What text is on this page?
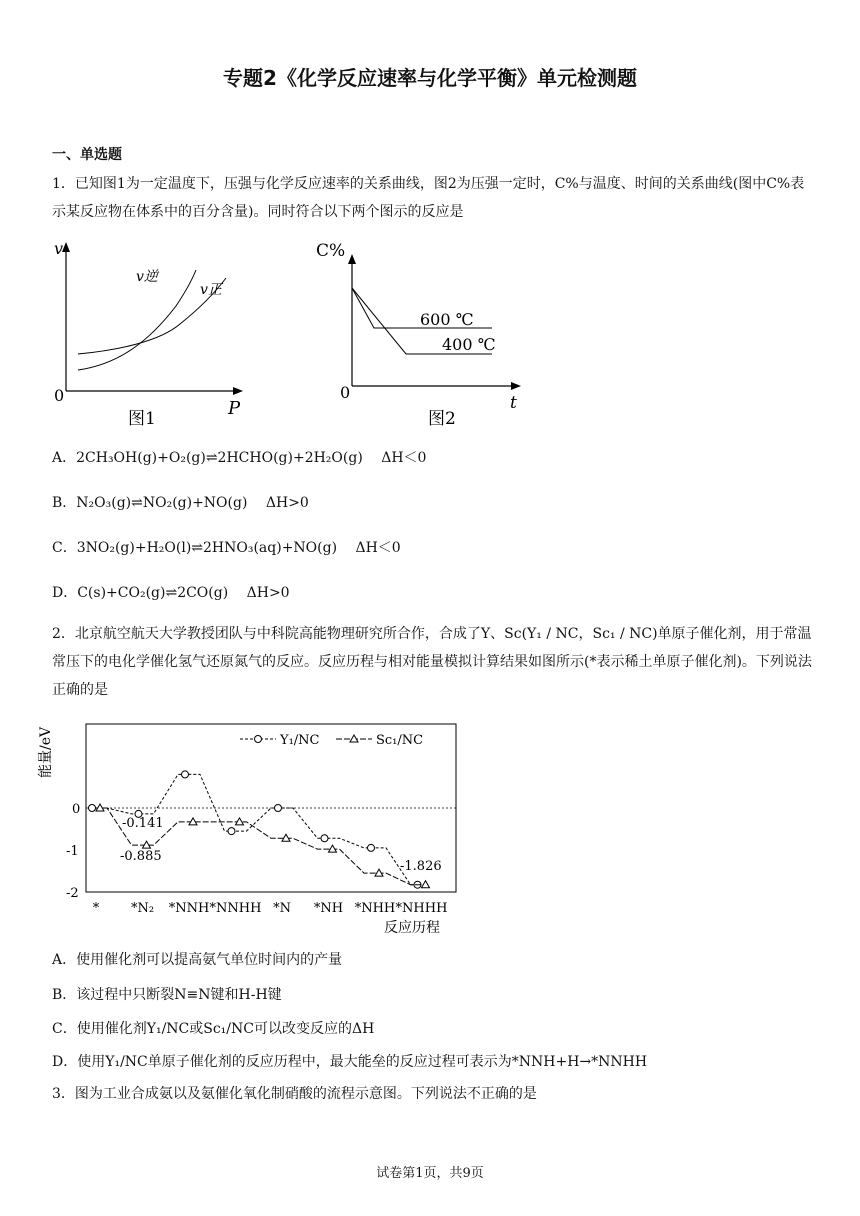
专题2《化学反应速率与化学平衡》单元检测题
一、单选题
1．已知图1为一定温度下，压强与化学反应速率的关系曲线，图2为压强一定时，C%与温度、时间的关系曲线(图中C%表示某反应物在体系中的百分含量)。同时符合以下两个图示的反应是
v
P
0
v逆
v正
图1
C%
t
0
600 ℃
400 ℃
图2
A．2CH₃OH(g)+O₂(g)⇌2HCHO(g)+2H₂O(g)　 ΔH＜0
B．N₂O₃(g)⇌NO₂(g)+NO(g)　 ΔH>0
C．3NO₂(g)+H₂O(l)⇌2HNO₃(aq)+NO(g)　 ΔH＜0
D．C(s)+CO₂(g)⇌2CO(g)　 ΔH>0
2．北京航空航天大学教授团队与中科院高能物理研究所合作，合成了Y、Sc(Y₁ / NC，Sc₁ / NC)单原子催化剂，用于常温常压下的电化学催化氢气还原氮气的反应。反应历程与相对能量模拟计算结果如图所示(*表示稀土单原子催化剂)。下列说法正确的是
能量/eV
0
-1
-2
* *N₂ *NNH *NNHH *N *NH *NHH *NHHH
反应历程
Y₁/NC	Sc₁/NC
-0.141
-0.885
-1.826
A．使用催化剂可以提高氨气单位时间内的产量
B．该过程中只断裂N≡N键和H-H键
C．使用催化剂Y₁/NC或Sc₁/NC可以改变反应的ΔH
D．使用Y₁/NC单原子催化剂的反应历程中，最大能垒的反应过程可表示为*NNH+H→*NNHH
3．图为工业合成氨以及氨催化氧化制硝酸的流程示意图。下列说法不正确的是
试卷第1页，共9页
